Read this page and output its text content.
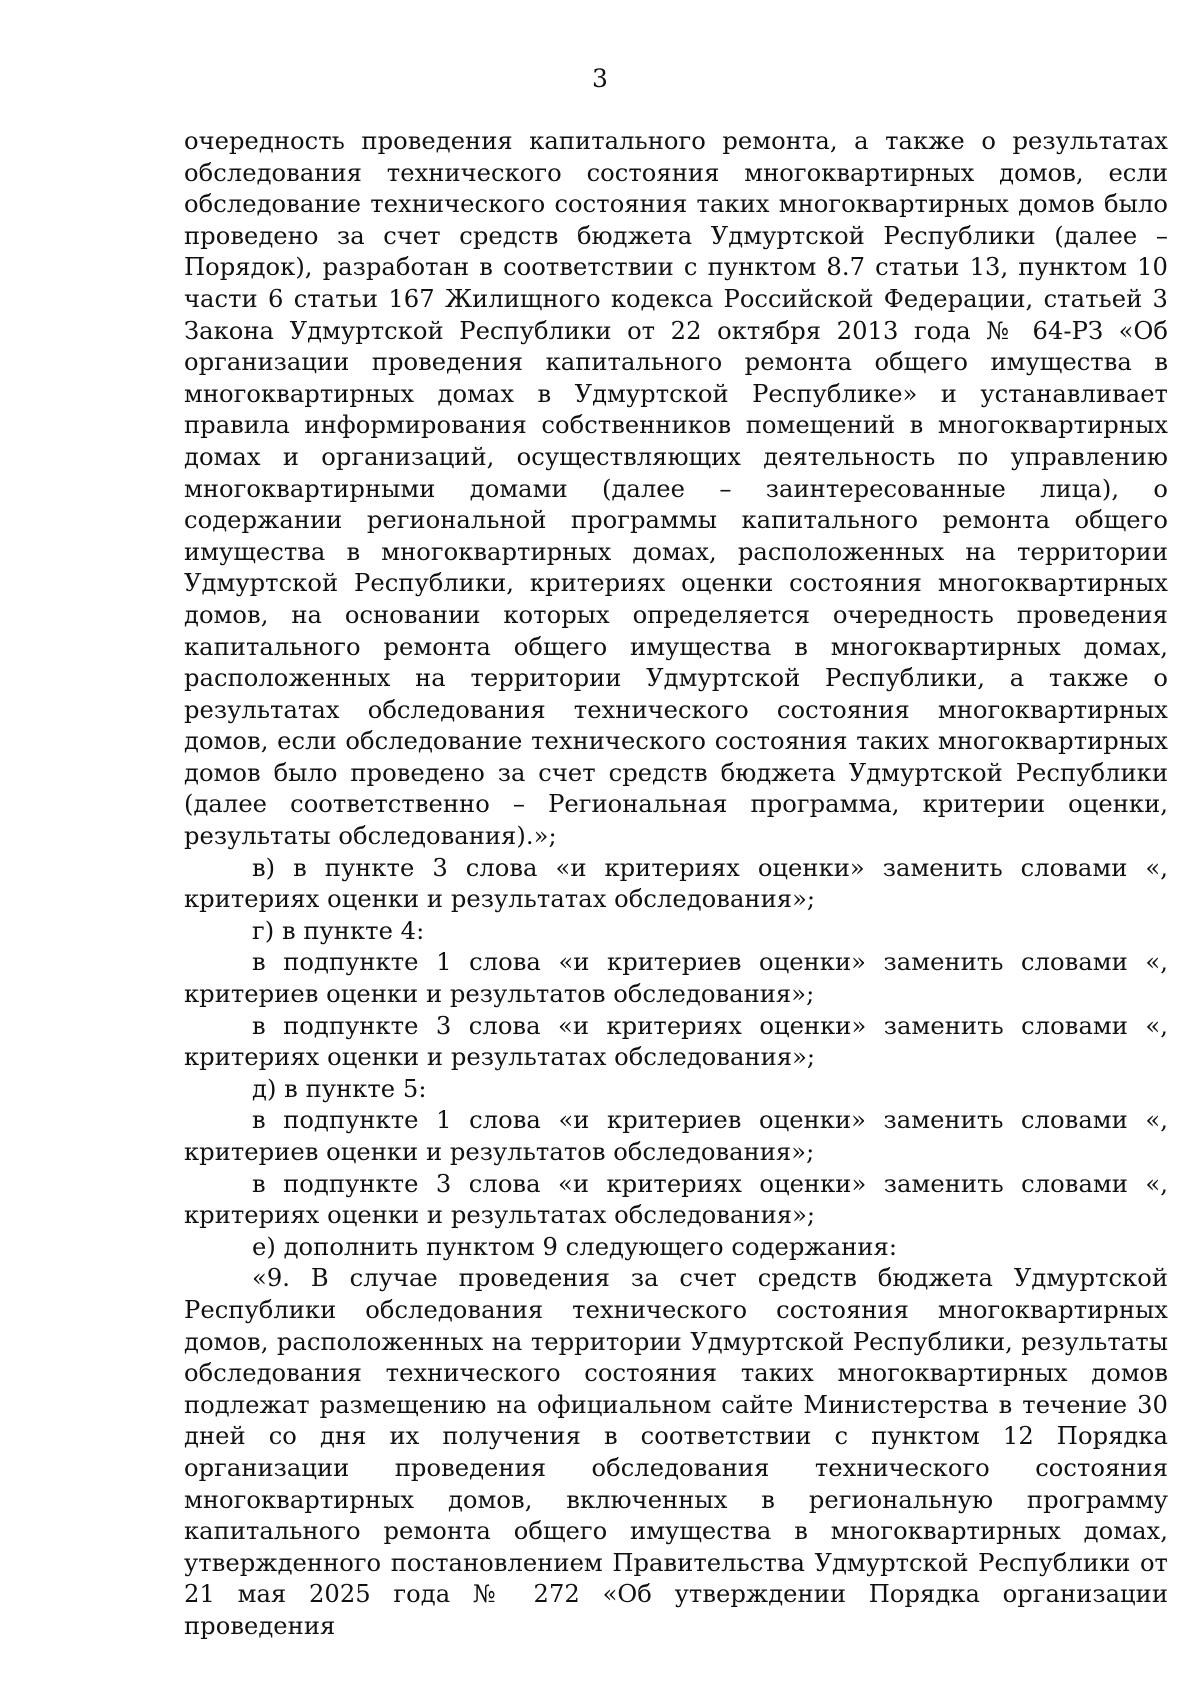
3

очередность проведения капитального ремонта, а также о результатах обследования технического состояния многоквартирных домов, если обследование технического состояния таких многоквартирных домов было проведено за счет средств бюджета Удмуртской Республики (далее – Порядок), разработан в соответствии с пунктом 8.7 статьи 13, пунктом 10 части 6 статьи 167 Жилищного кодекса Российской Федерации, статьей 3 Закона Удмуртской Республики от 22 октября 2013 года № 64-РЗ «Об организации проведения капитального ремонта общего имущества в многоквартирных домах в Удмуртской Республике» и устанавливает правила информирования собственников помещений в многоквартирных домах и организаций, осуществляющих деятельность по управлению многоквартирными домами (далее – заинтересованные лица), о содержании региональной программы капитального ремонта общего имущества в многоквартирных домах, расположенных на территории Удмуртской Республики, критериях оценки состояния многоквартирных домов, на основании которых определяется очередность проведения капитального ремонта общего имущества в многоквартирных домах, расположенных на территории Удмуртской Республики, а также о результатах обследования технического состояния многоквартирных домов, если обследование технического состояния таких многоквартирных домов было проведено за счет средств бюджета Удмуртской Республики (далее соответственно – Региональная программа, критерии оценки, результаты обследования).»;

в) в пункте 3 слова «и критериях оценки» заменить словами «, критериях оценки и результатах обследования»;

г) в пункте 4:

в подпункте 1 слова «и критериев оценки» заменить словами «, критериев оценки и результатов обследования»;

в подпункте 3 слова «и критериях оценки» заменить словами «, критериях оценки и результатах обследования»;

д) в пункте 5:

в подпункте 1 слова «и критериев оценки» заменить словами «, критериев оценки и результатов обследования»;

в подпункте 3 слова «и критериях оценки» заменить словами «, критериях оценки и результатах обследования»;

е) дополнить пунктом 9 следующего содержания:

«9. В случае проведения за счет средств бюджета Удмуртской Республики обследования технического состояния многоквартирных домов, расположенных на территории Удмуртской Республики, результаты обследования технического состояния таких многоквартирных домов подлежат размещению на официальном сайте Министерства в течение 30 дней со дня их получения в соответствии с пунктом 12 Порядка организации проведения обследования технического состояния многоквартирных домов, включенных в региональную программу капитального ремонта общего имущества в многоквартирных домах, утвержденного постановлением Правительства Удмуртской Республики от 21 мая 2025 года № 272 «Об утверждении Порядка организации проведения
